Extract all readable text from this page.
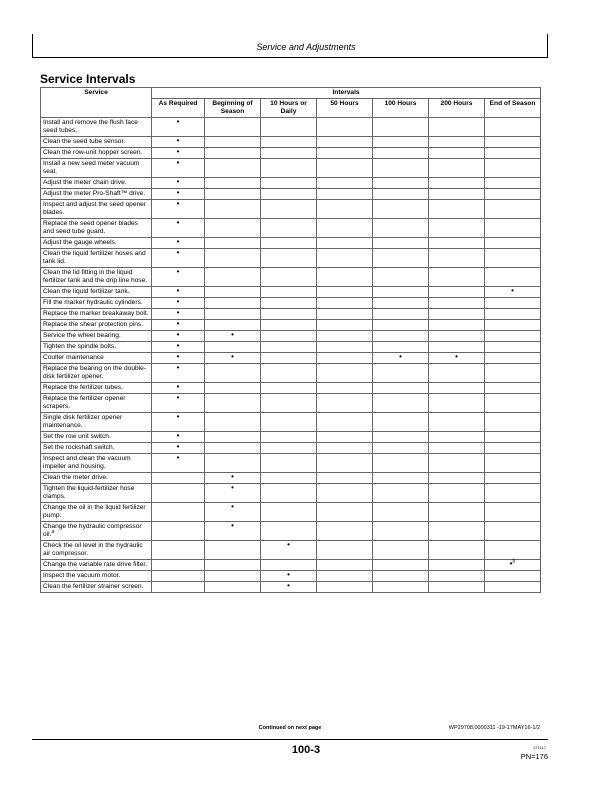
Service and Adjustments
Service Intervals
Service	Intervals						
	As Required	Beginning of Season	10 Hours or Daily	50 Hours	100 Hours	200 Hours	End of Season
Install and remove the flush face seed tubes.	•						
Clean the seed tube sensor.	•						
Clean the row-unit hopper screen.	•						
Install a new seed meter vacuum seal.	•						
Adjust the meter chain drive.	•						
Adjust the meter Pro-Shaft™ drive.	•						
Inspect and adjust the seed opener blades.	•						
Replace the seed opener blades and seed tube guard.	•						
Adjust the gauge wheels.	•						
Clean the liquid fertilizer hoses and tank lid.	•						
Clean the lid fitting in the liquid fertilizer tank and the drip line hose.	•						
Clean the liquid fertilizer tank.	•						•
Fill the marker hydraulic cylinders.	•						
Replace the marker breakaway bolt.	•						
Replace the shear protection pins.	•						
Service the wheel bearing.	•	•					
Tighten the spindle bolts.	•						
Coulter maintenance	•	•			•	•	
Replace the bearing on the double-disk fertilizer opener.	•						
Replace the fertilizer tubes.	•						
Replace the fertilizer opener scrapers.	•						
Single disk fertilizer opener maintenance.	•						
Set the row unit switch.	•						
Set the rockshaft switch.	•						
Inspect and clean the vacuum impeller and housing.	•						
Clean the meter drive.		•					
Tighten the liquid-fertilizer hose clamps.		•					
Change the oil in the liquid fertilizer pump.		•					
Change the hydraulic compressor oil.$^a$		•					
Check the oil level in the hydraulic air compressor.			•				
Change the variable rate drive filter.							•$^b$
Inspect the vacuum motor.			•				
Clean the fertilizer strainer screen.			•				
Continued on next page	WP29708,0000311 -19-17MAY16-1/2
100-3	071117
PN=176
